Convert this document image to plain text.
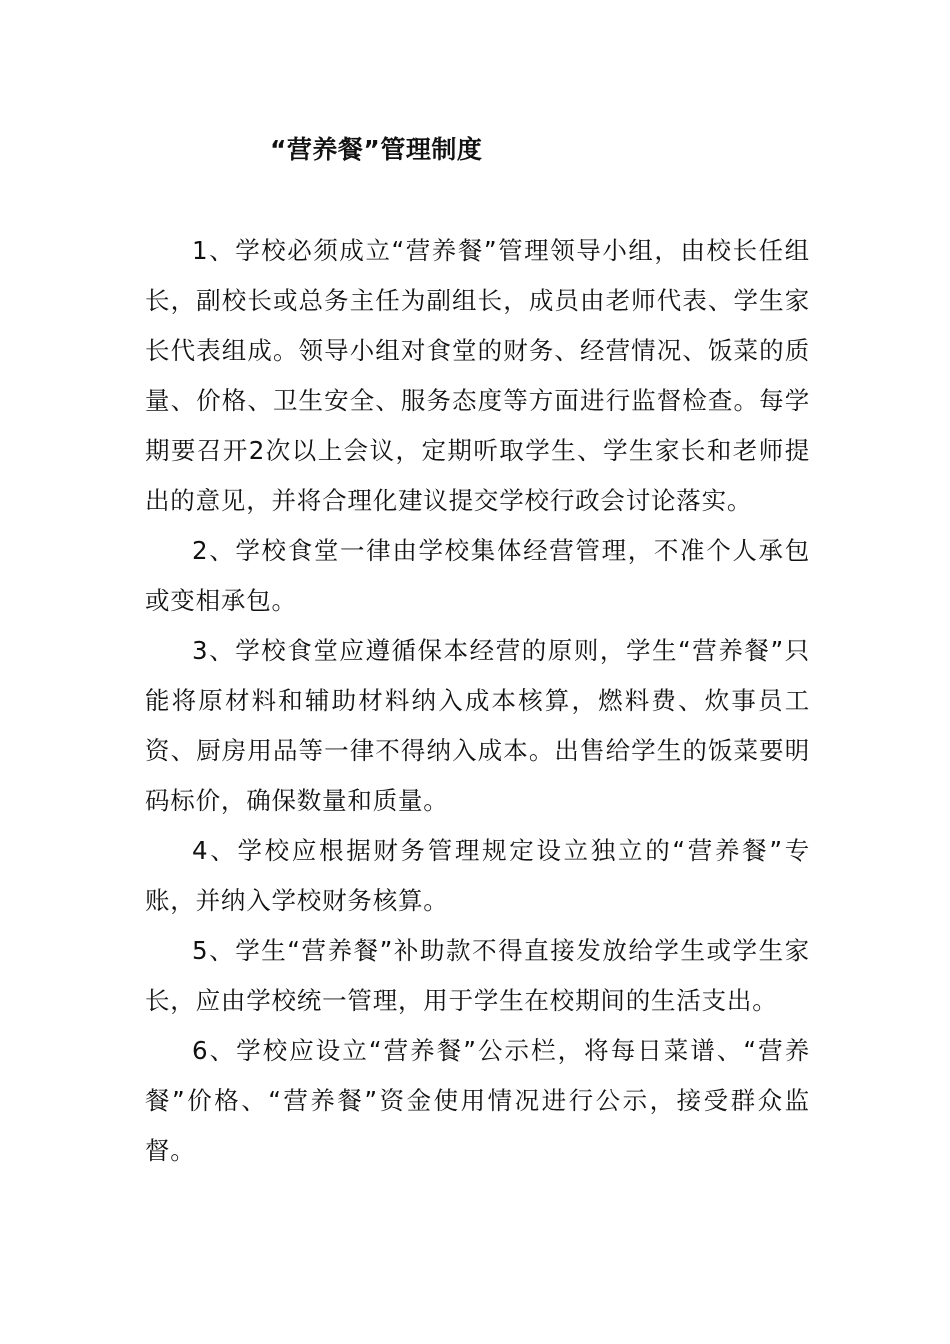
“营养餐”管理制度

1、学校必须成立“营养餐”管理领导小组，由校长任组长，副校长或总务主任为副组长，成员由老师代表、学生家长代表组成。领导小组对食堂的财务、经营情况、饭菜的质量、价格、卫生安全、服务态度等方面进行监督检查。每学期要召开2次以上会议，定期听取学生、学生家长和老师提出的意见，并将合理化建议提交学校行政会讨论落实。

2、学校食堂一律由学校集体经营管理，不准个人承包或变相承包。

3、学校食堂应遵循保本经营的原则，学生“营养餐”只能将原材料和辅助材料纳入成本核算，燃料费、炊事员工资、厨房用品等一律不得纳入成本。出售给学生的饭菜要明码标价，确保数量和质量。

4、学校应根据财务管理规定设立独立的“营养餐”专账，并纳入学校财务核算。

5、学生“营养餐”补助款不得直接发放给学生或学生家长，应由学校统一管理，用于学生在校期间的生活支出。

6、学校应设立“营养餐”公示栏，将每日菜谱、“营养餐”价格、“营养餐”资金使用情况进行公示，接受群众监督。
